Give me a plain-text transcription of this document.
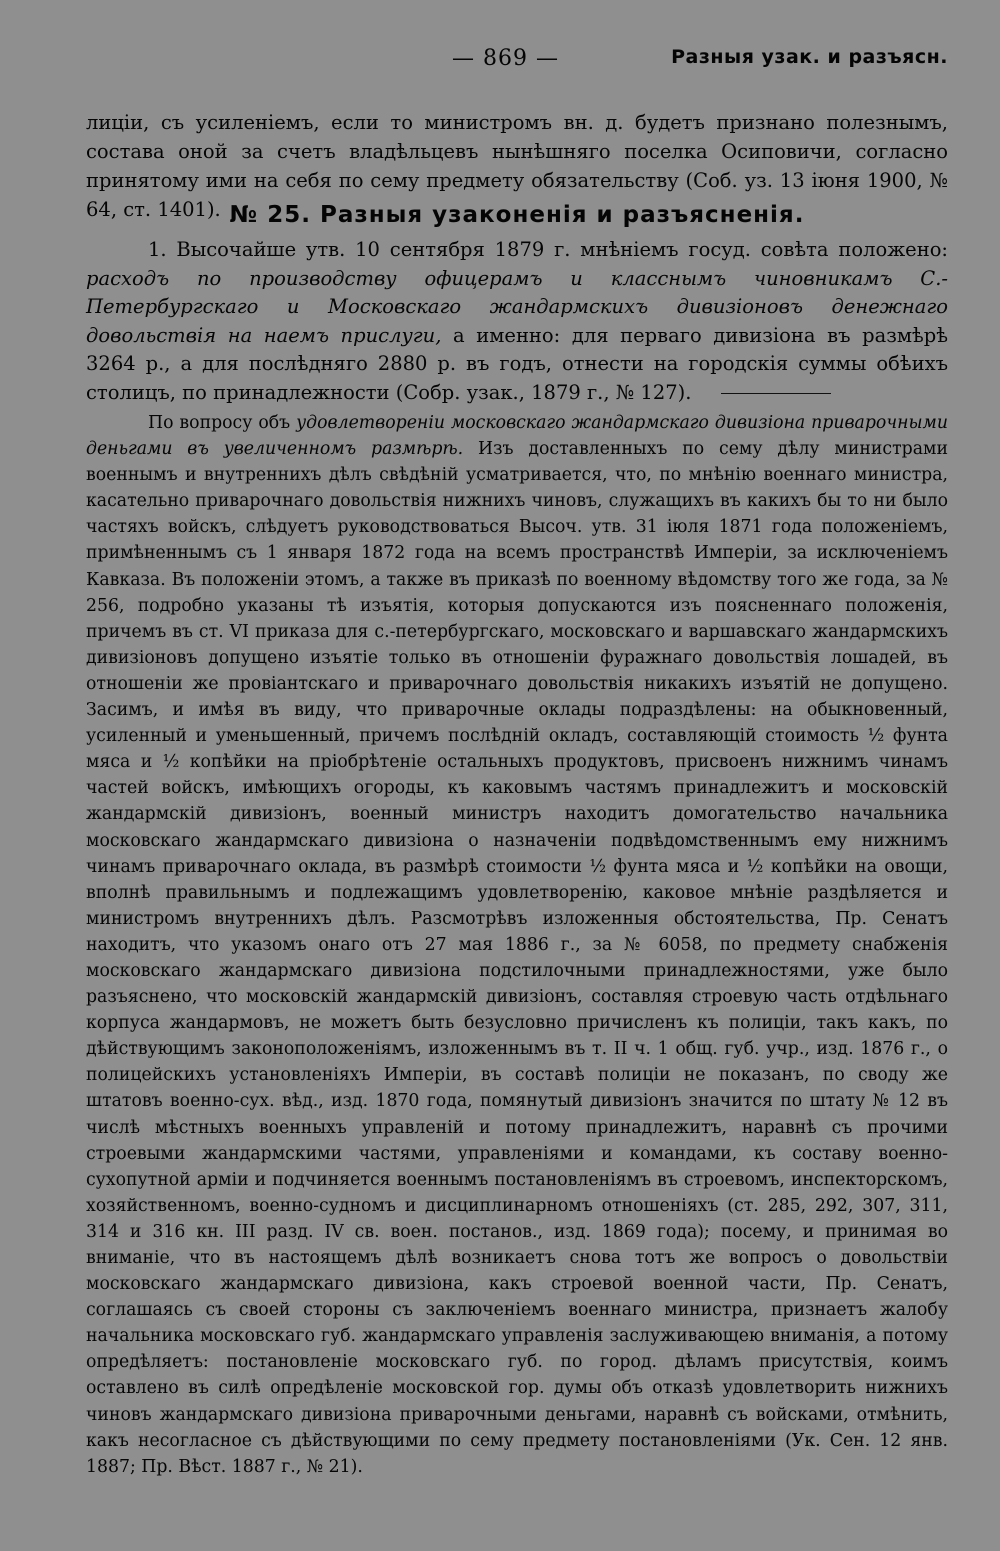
— 869 —	Разныя узак. и разъясн.
лиціи, съ усиленіемъ, если то министромъ вн. д. будетъ признано полезнымъ, состава оной за счетъ владѣльцевъ нынѣшняго поселка Осиповичи, согласно принятому ими на себя по сему предмету обязательству (Соб. уз. 13 іюня 1900, № 64, ст. 1401). № 25. Разныя узаконенія и разъясненія.
1. Высочайше утв. 10 сентября 1879 г. мнѣніемъ госуд. совѣта положено: расходъ по производству офицерамъ и класснымъ чиновникамъ С.-Петербургскаго и Московскаго жандармскихъ дивизіоновъ денежнаго довольствія на наемъ прислуги, а именно: для перваго дивизіона въ размѣрѣ 3264 р., а для послѣдняго 2880 р. въ годъ, отнести на городскія суммы обѣихъ столицъ, по принадлежности (Собр. узак., 1879 г., № 127).
По вопросу объ удовлетвореніи московскаго жандармскаго дивизіона приварочными деньгами въ увеличенномъ размѣрѣ. Изъ доставленныхъ по сему дѣлу министрами военнымъ и внутреннихъ дѣлъ свѣдѣній усматривается, что, по мнѣнію военнаго министра, касательно приварочнаго довольствія нижнихъ чиновъ, служащихъ въ какихъ бы то ни было частяхъ войскъ, слѣдуетъ руководствоваться Высоч. утв. 31 іюля 1871 года положеніемъ, примѣненнымъ съ 1 января 1872 года на всемъ пространствѣ Имперіи, за исключеніемъ Кавказа. Въ положеніи этомъ, а также въ приказѣ по военному вѣдомству того же года, за № 256, подробно указаны тѣ изъятія, которыя допускаются изъ поясненнаго положенія, причемъ въ ст. VI приказа для с.-петербургскаго, московскаго и варшавскаго жандармскихъ дивизіоновъ допущено изъятіе только въ отношеніи фуражнаго довольствія лошадей, въ отношеніи же провіантскаго и приварочнаго довольствія никакихъ изъятій не допущено. Засимъ, и имѣя въ виду, что приварочные оклады подраздѣлены: на обыкновенный, усиленный и уменьшенный, причемъ послѣдній окладъ, составляющій стоимость ½ фунта мяса и ½ копѣйки на пріобрѣтеніе остальныхъ продуктовъ, присвоенъ нижнимъ чинамъ частей войскъ, имѣющихъ огороды, къ каковымъ частямъ принадлежитъ и московскій жандармскій дивизіонъ, военный министръ находитъ домогательство начальника московскаго жандармскаго дивизіона о назначеніи подвѣдомственнымъ ему нижнимъ чинамъ приварочнаго оклада, въ размѣрѣ стоимости ½ фунта мяса и ½ копѣйки на овощи, вполнѣ правильнымъ и подлежащимъ удовлетворенію, каковое мнѣніе раздѣляется и министромъ внутреннихъ дѣлъ. Разсмотрѣвъ изложенныя обстоятельства, Пр. Сенатъ находитъ, что указомъ онаго отъ 27 мая 1886 г., за № 6058, по предмету снабженія московскаго жандармскаго дивизіона подстилочными принадлежностями, уже было разъяснено, что московскій жандармскій дивизіонъ, составляя строевую часть отдѣльнаго корпуса жандармовъ, не можетъ быть безусловно причисленъ къ полиціи, такъ какъ, по дѣйствующимъ законоположеніямъ, изложеннымъ въ т. II ч. 1 общ. губ. учр., изд. 1876 г., о полицейскихъ установленіяхъ Имперіи, въ составѣ полиціи не показанъ, по своду же штатовъ военно-сух. вѣд., изд. 1870 года, помянутый дивизіонъ значится по штату № 12 въ числѣ мѣстныхъ военныхъ управленій и потому принадлежитъ, наравнѣ съ прочими строевыми жандармскими частями, управленіями и командами, къ составу военно-сухопутной арміи и подчиняется военнымъ постановленіямъ въ строевомъ, инспекторскомъ, хозяйственномъ, военно-судномъ и дисциплинарномъ отношеніяхъ (ст. 285, 292, 307, 311, 314 и 316 кн. III разд. IV св. воен. постанов., изд. 1869 года); посему, и принимая во вниманіе, что въ настоящемъ дѣлѣ возникаетъ снова тотъ же вопросъ о довольствіи московскаго жандармскаго дивизіона, какъ строевой военной части, Пр. Сенатъ, соглашаясь съ своей стороны съ заключеніемъ военнаго министра, признаетъ жалобу начальника московскаго губ. жандармскаго управленія заслуживающею вниманія, а потому опредѣляетъ: постановленіе московскаго губ. по город. дѣламъ присутствія, коимъ оставлено въ силѣ опредѣленіе московской гор. думы объ отказѣ удовлетворить нижнихъ чиновъ жандармскаго дивизіона приварочными деньгами, наравнѣ съ войсками, отмѣнить, какъ несогласное съ дѣйствующими по сему предмету постановленіями (Ук. Сен. 12 янв. 1887; Пр. Вѣст. 1887 г., № 21).
